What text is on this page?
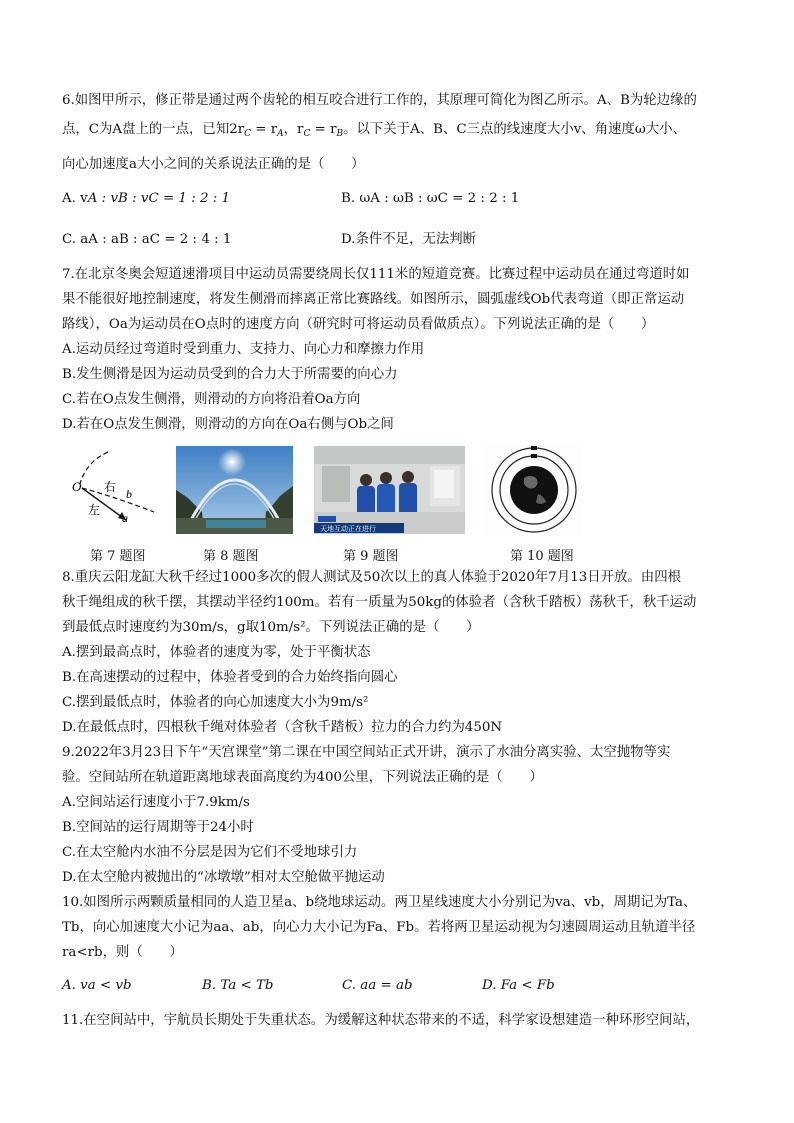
6.如图甲所示，修正带是通过两个齿轮的相互咬合进行工作的，其原理可简化为图乙所示。A、B为轮边缘的
点，C为A盘上的一点，已知$2r_C = r_A$，$r_C = r_B$。以下关于A、B、C三点的线速度大小v、角速度ω大小、
向心加速度a大小之间的关系说法正确的是（　　）
A. vA : vB : vC = 1 : 2 : 1	B. ωA : ωB : ωC = 2 : 2 : 1
C. aA : aB : aC = 2 : 4 : 1	D.条件不足，无法判断
7.在北京冬奥会短道速滑项目中运动员需要绕周长仅111米的短道竞赛。比赛过程中运动员在通过弯道时如
果不能很好地控制速度，将发生侧滑而摔离正常比赛路线。如图所示，圆弧虚线Ob代表弯道（即正常运动
路线），Oa为运动员在O点时的速度方向（研究时可将运动员看做质点）。下列说法正确的是（　　）
A.运动员经过弯道时受到重力、支持力、向心力和摩擦力作用
B.发生侧滑是因为运动员受到的合力大于所需要的向心力
C.若在O点发生侧滑，则滑动的方向将沿着Oa方向
D.若在O点发生侧滑，则滑动的方向在Oa右侧与Ob之间
O 右
左
b
a
天地互动正在进行
第 7 题图	第 8 题图	第 9 题图	第 10 题图
8.重庆云阳龙缸大秋千经过1000多次的假人测试及50次以上的真人体验于2020年7月13日开放。由四根
秋千绳组成的秋千摆，其摆动半径约100m。若有一质量为50kg的体验者（含秋千踏板）荡秋千，秋千运动
到最低点时速度约为30m/s，g取10m/s²。下列说法正确的是（　　）
A.摆到最高点时，体验者的速度为零，处于平衡状态
B.在高速摆动的过程中，体验者受到的合力始终指向圆心
C.摆到最低点时，体验者的向心加速度大小为9m/s²
D.在最低点时，四根秋千绳对体验者（含秋千踏板）拉力的合力约为450N
9.2022年3月23日下午“天宫课堂”第二课在中国空间站正式开讲，演示了水油分离实验、太空抛物等实
验。空间站所在轨道距离地球表面高度约为400公里，下列说法正确的是（　　）
A.空间站运行速度小于7.9km/s
B.空间站的运行周期等于24小时
C.在太空舱内水油不分层是因为它们不受地球引力
D.在太空舱内被抛出的“冰墩墩”相对太空舱做平抛运动
10.如图所示两颗质量相同的人造卫星a、b绕地球运动。两卫星线速度大小分别记为va、vb，周期记为Ta、
Tb，向心加速度大小记为aa、ab，向心力大小记为Fa、Fb。若将两卫星运动视为匀速圆周运动且轨道半径
ra<rb，则（　　）
A. va < vb	B. Ta < Tb	C. aa = ab	D. Fa < Fb
11.在空间站中，宇航员长期处于失重状态。为缓解这种状态带来的不适，科学家设想建造一种环形空间站，
